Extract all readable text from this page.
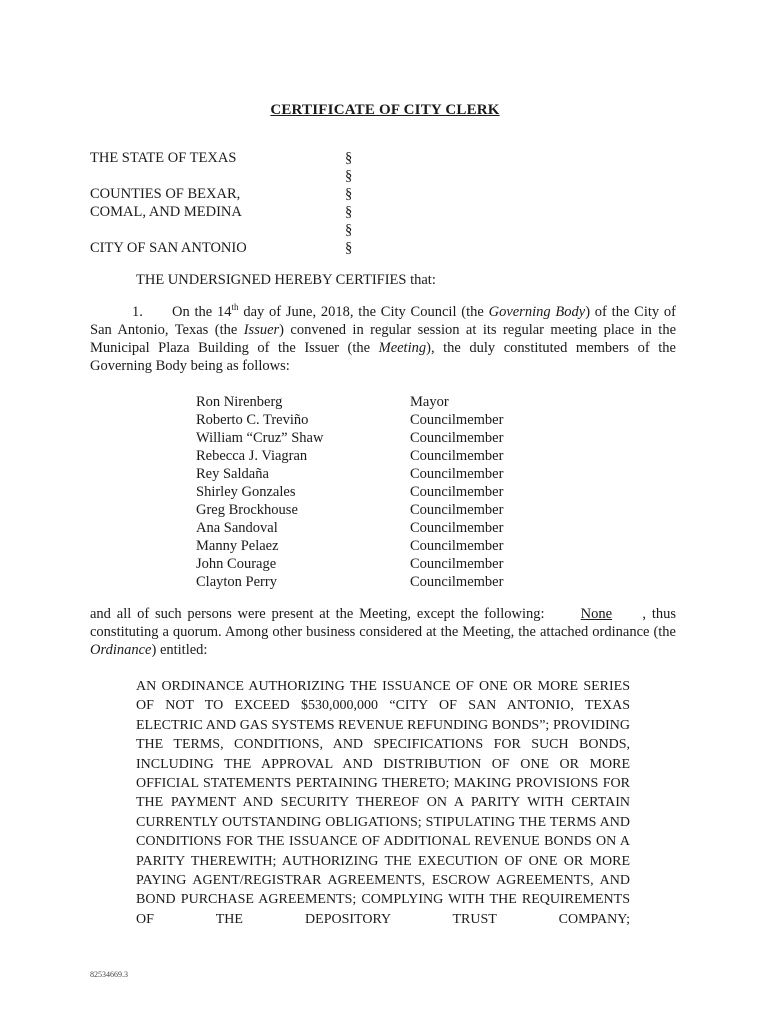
CERTIFICATE OF CITY CLERK
THE STATE OF TEXAS	§
§
COUNTIES OF BEXAR,	§
COMAL, AND MEDINA	§
§
CITY OF SAN ANTONIO	§
THE UNDERSIGNED HEREBY CERTIFIES that:
1. On the 14th day of June, 2018, the City Council (the Governing Body) of the City of San Antonio, Texas (the Issuer) convened in regular session at its regular meeting place in the Municipal Plaza Building of the Issuer (the Meeting), the duly constituted members of the Governing Body being as follows:
Ron Nirenberg	Mayor
Roberto C. Treviño	Councilmember
William “Cruz” Shaw	Councilmember
Rebecca J. Viagran	Councilmember
Rey Saldaña	Councilmember
Shirley Gonzales	Councilmember
Greg Brockhouse	Councilmember
Ana Sandoval	Councilmember
Manny Pelaez	Councilmember
John Courage	Councilmember
Clayton Perry	Councilmember
and all of such persons were present at the Meeting, except the following: None , thus constituting a quorum. Among other business considered at the Meeting, the attached ordinance (the Ordinance) entitled:
AN ORDINANCE AUTHORIZING THE ISSUANCE OF ONE OR MORE SERIES OF NOT TO EXCEED $530,000,000 “CITY OF SAN ANTONIO, TEXAS ELECTRIC AND GAS SYSTEMS REVENUE REFUNDING BONDS”; PROVIDING THE TERMS, CONDITIONS, AND SPECIFICATIONS FOR SUCH BONDS, INCLUDING THE APPROVAL AND DISTRIBUTION OF ONE OR MORE OFFICIAL STATEMENTS PERTAINING THERETO; MAKING PROVISIONS FOR THE PAYMENT AND SECURITY THEREOF ON A PARITY WITH CERTAIN CURRENTLY OUTSTANDING OBLIGATIONS; STIPULATING THE TERMS AND CONDITIONS FOR THE ISSUANCE OF ADDITIONAL REVENUE BONDS ON A PARITY THEREWITH; AUTHORIZING THE EXECUTION OF ONE OR MORE PAYING AGENT/REGISTRAR AGREEMENTS, ESCROW AGREEMENTS, AND BOND PURCHASE AGREEMENTS; COMPLYING WITH THE REQUIREMENTS OF THE DEPOSITORY TRUST COMPANY;
82534669.3
